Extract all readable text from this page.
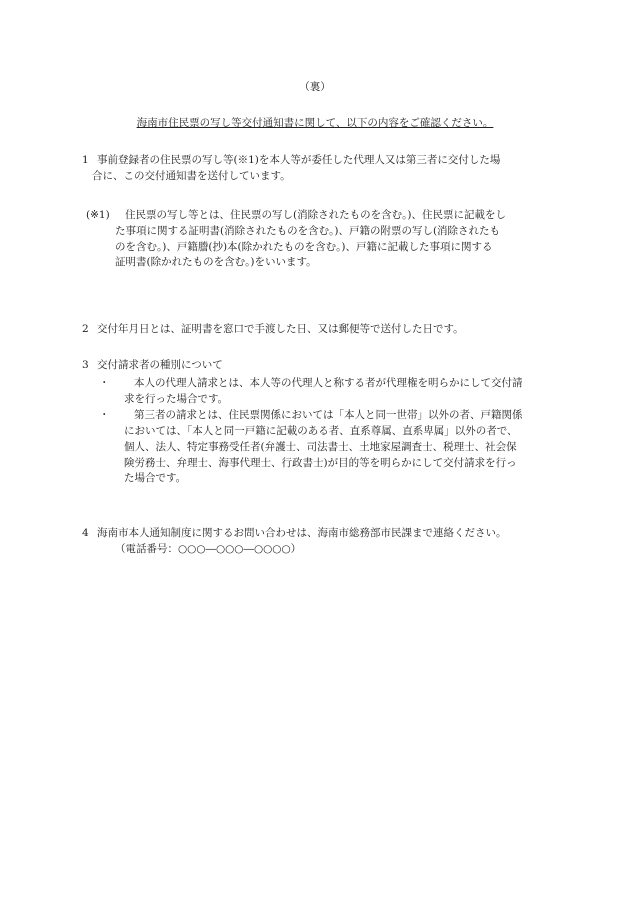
（裏）
海南市住民票の写し等交付通知書に関して、以下の内容をご確認ください。
1 事前登録者の住民票の写し等(※1)を本人等が委任した代理人又は第三者に交付した場
合に、この交付通知書を送付しています。
(※1) 住民票の写し等とは、住民票の写し(消除されたものを含む。)、住民票に記載をし
た事項に関する証明書(消除されたものを含む。)、戸籍の附票の写し(消除されたも
のを含む。)、戸籍謄(抄)本(除かれたものを含む。)、戸籍に記載した事項に関する
証明書(除かれたものを含む。)をいいます。
2 交付年月日とは、証明書を窓口で手渡した日、又は郵便等で送付した日です。
3 交付請求者の種別について
・ 本人の代理人請求とは、本人等の代理人と称する者が代理権を明らかにして交付請
求を行った場合です。
・ 第三者の請求とは、住民票関係においては「本人と同一世帯」以外の者、戸籍関係
においては、「本人と同一戸籍に記載のある者、直系尊属、直系卑属」以外の者で、
個人、法人、特定事務受任者(弁護士、司法書士、土地家屋調査士、税理士、社会保
険労務士、弁理士、海事代理士、行政書士)が目的等を明らかにして交付請求を行っ
た場合です。
4 海南市本人通知制度に関するお問い合わせは、海南市総務部市民課まで連絡ください。
（電話番号：○○○―○○○―○○○○）
